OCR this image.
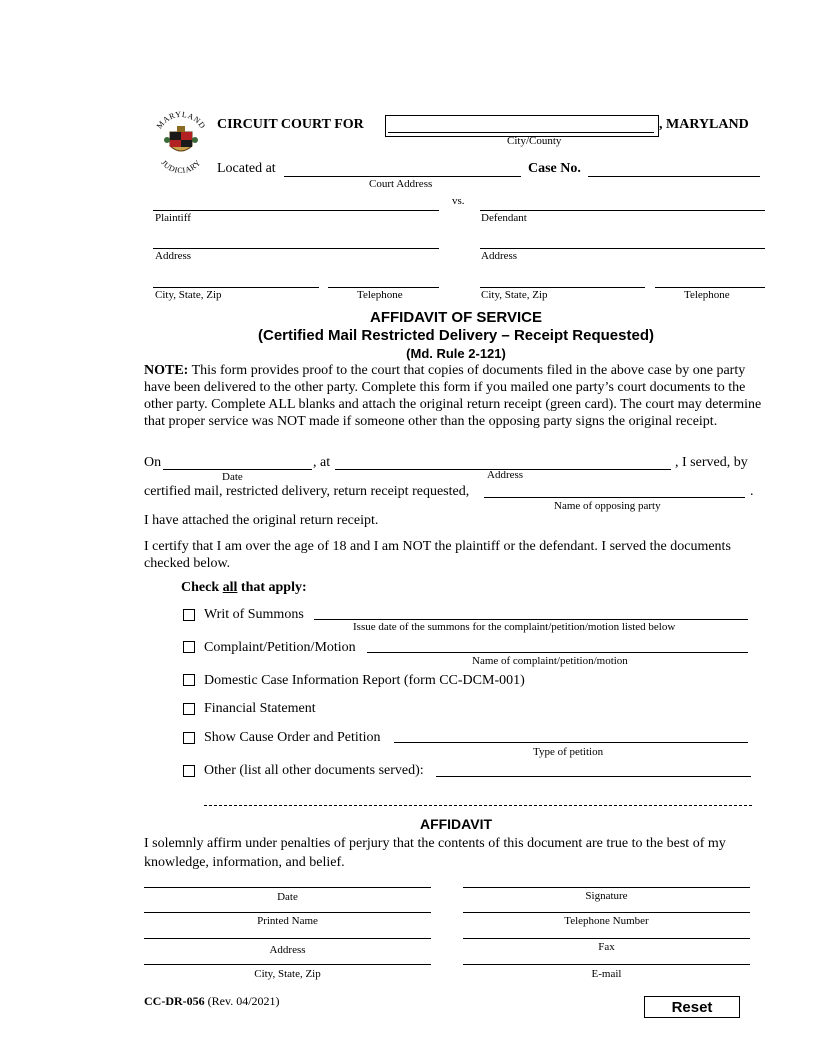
MARYLAND
JUDICIARY
CIRCUIT COURT FOR	, MARYLAND
City/County
Located at
Court Address
Case No.
vs.
Plaintiff	Defendant
Address	Address
City, State, Zip	Telephone	City, State, Zip	Telephone
AFFIDAVIT OF SERVICE
(Certified Mail Restricted Delivery – Receipt Requested)
(Md. Rule 2-121)
NOTE: This form provides proof to the court that copies of documents filed in the above case by one party have been delivered to the other party. Complete this form if you mailed one party’s court documents to the other party. Complete ALL blanks and attach the original return receipt (green card). The court may determine that proper service was NOT made if someone other than the opposing party signs the original receipt.
On	, at	, I served, by
Date	Address
certified mail, restricted delivery, return receipt requested,	.
Name of opposing party
I have attached the original return receipt.
I certify that I am over the age of 18 and I am NOT the plaintiff or the defendant. I served the documents checked below.
Check all that apply:
Writ of Summons
Issue date of the summons for the complaint/petition/motion listed below
Complaint/Petition/Motion
Name of complaint/petition/motion
Domestic Case Information Report (form CC-DCM-001)
Financial Statement
Show Cause Order and Petition
Type of petition
Other (list all other documents served):
AFFIDAVIT
I solemnly affirm under penalties of perjury that the contents of this document are true to the best of my knowledge, information, and belief.
Date	Signature
Printed Name	Telephone Number
Address	Fax
City, State, Zip	E-mail
CC-DR-056 (Rev. 04/2021)	Reset
